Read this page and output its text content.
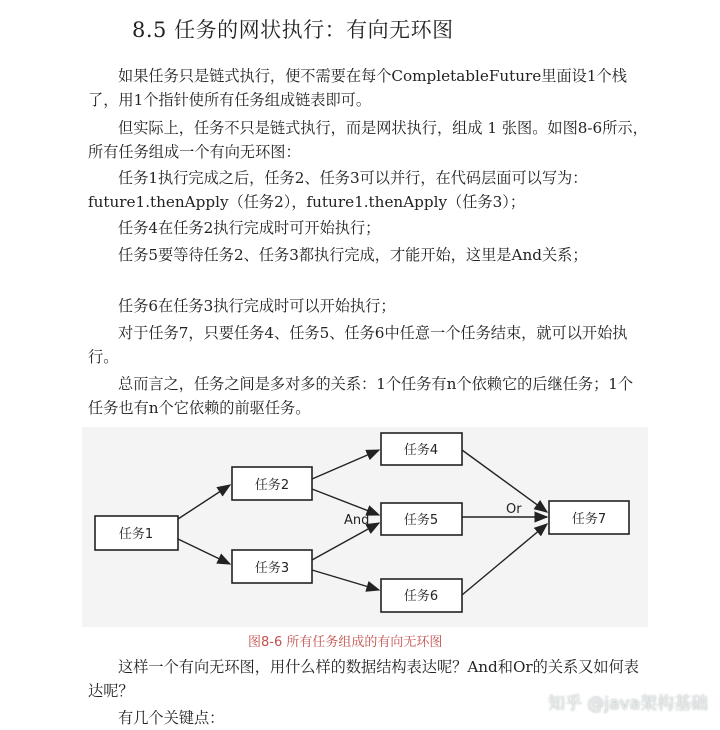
8.5 任务的网状执行：有向无环图
如果任务只是链式执行，便不需要在每个CompletableFuture里面设1个栈了，用1个指针使所有任务组成链表即可。
但实际上，任务不只是链式执行，而是网状执行，组成 1 张图。如图8-6所示，所有任务组成一个有向无环图：
任务1执行完成之后，任务2、任务3可以并行，在代码层面可以写为：future1.thenApply（任务2），future1.thenApply（任务3）；
任务4在任务2执行完成时可开始执行；
任务5要等待任务2、任务3都执行完成，才能开始，这里是And关系；
任务6在任务3执行完成时可以开始执行；
对于任务7，只要任务4、任务5、任务6中任意一个任务结束，就可以开始执行。
总而言之，任务之间是多对多的关系：1个任务有n个依赖它的后继任务；1个任务也有n个它依赖的前驱任务。
And
Or
任务1
任务2
任务3
任务4
任务5
任务6
任务7
图8-6 所有任务组成的有向无环图
这样一个有向无环图，用什么样的数据结构表达呢？And和Or的关系又如何表达呢？
有几个关键点：
知乎 @java架构基础
